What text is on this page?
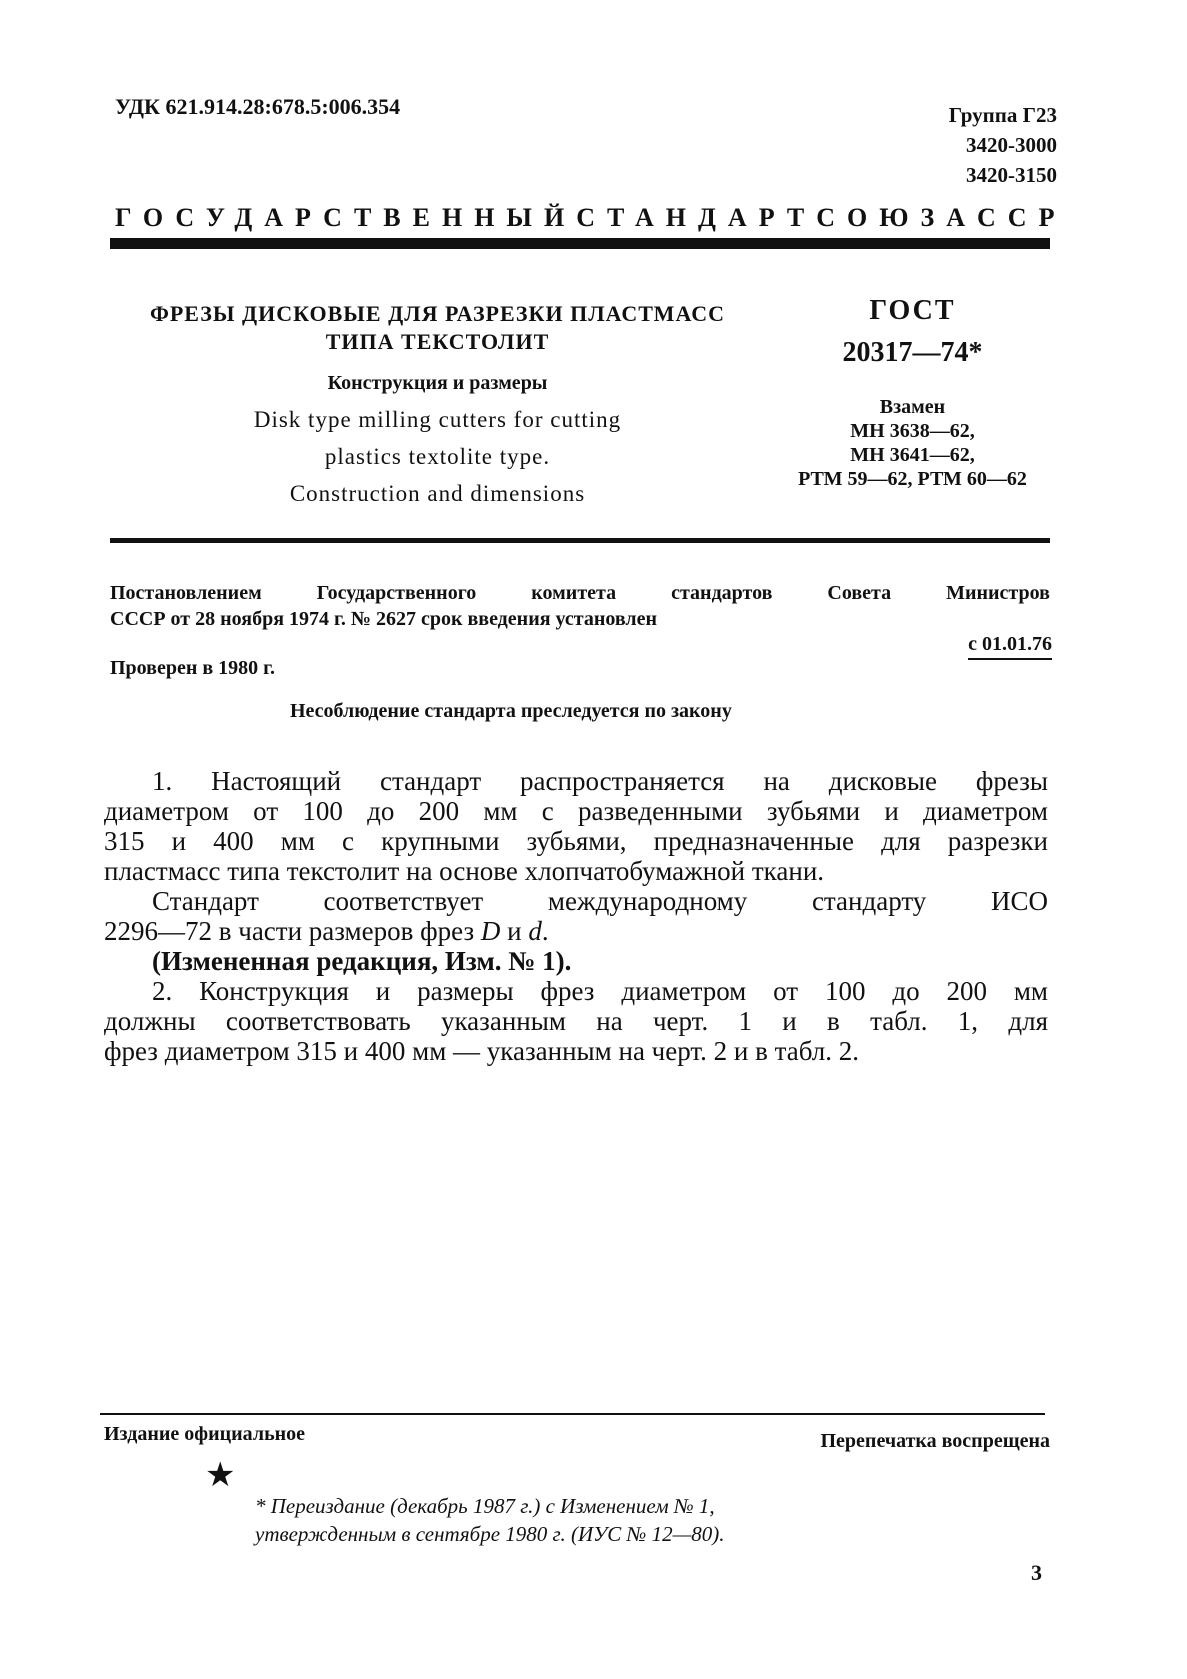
УДК 621.914.28:678.5:006.354	Группа Г23
3420-3000
3420-3150
ГОСУДАРСТВЕННЫЙ СТАНДАРТ СОЮЗА ССР
ФРЕЗЫ ДИСКОВЫЕ ДЛЯ РАЗРЕЗКИ ПЛАСТМАСС
ТИПА ТЕКСТОЛИТ
Конструкция и размеры
Disk type milling cutters for cutting
plastics textolite type.
Construction and dimensions
ГОСТ
20317—74*
Взамен
МН 3638—62,
МН 3641—62,
РТМ 59—62, РТМ 60—62
Постановлением	Государственного	комитета	стандартов	Совета	Министров
СССР от 28 ноября 1974 г. № 2627 срок введения установлен
с 01.01.76
Проверен в 1980 г.
Несоблюдение стандарта преследуется по закону

1. Настоящий стандарт распространяется на дисковые фрезы

диаметром от 100 до 200 мм с разведенными зубьями и диаметром

315 и 400 мм с крупными зубьями, предназначенные для разрезки

пластмасс типа текстолит на основе хлопчатобумажной ткани.

Стандарт соответствует международному стандарту ИСО

2296—72 в части размеров фрез D и d.

(Измененная редакция, Изм. № 1).

2. Конструкция и размеры фрез диаметром от 100 до 200 мм

должны соответствовать указанным на черт. 1 и в табл. 1, для

фрез диаметром 315 и 400 мм — указанным на черт. 2 и в табл. 2.

Издание официальное	Перепечатка воспрещена
★
* Переиздание (декабрь 1987 г.) с Изменением № 1,
утвержденным в сентябре 1980 г. (ИУС № 12—80).
3
